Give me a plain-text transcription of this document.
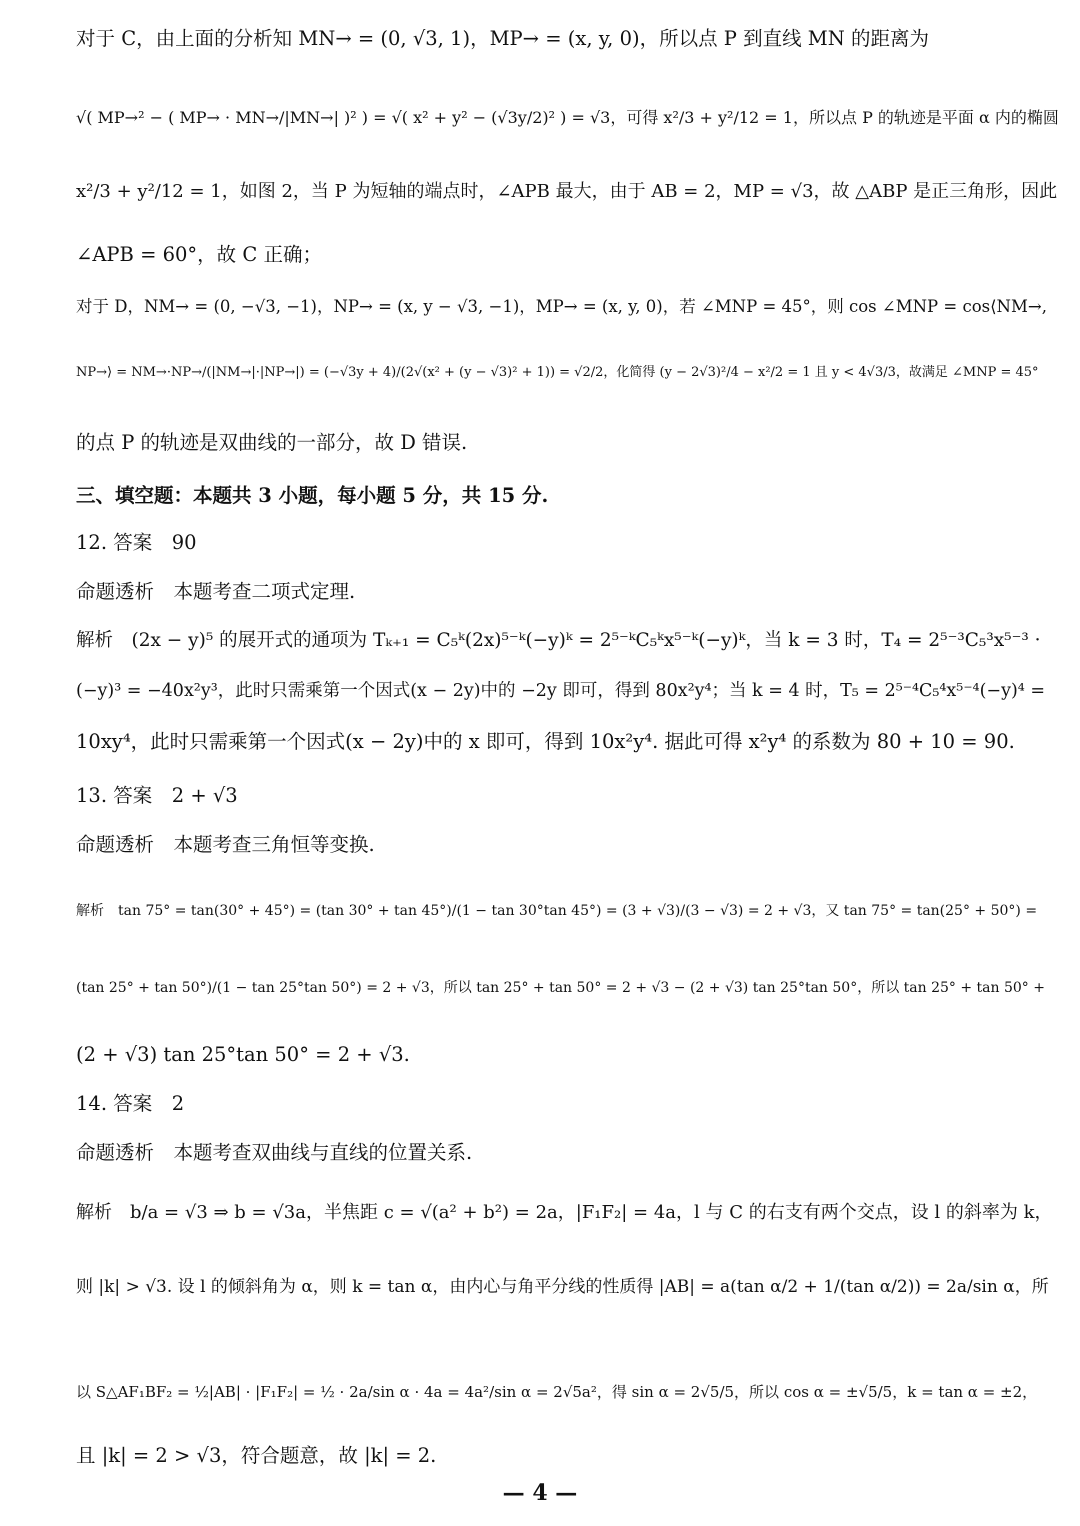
对于 C，由上面的分析知 MN→ = (0, √3, 1)，MP→ = (x, y, 0)，所以点 P 到直线 MN 的距离为
√( MP→² − ( MP→ · MN→/|MN→| )² ) = √( x² + y² − (√3y/2)² ) = √3，可得 x²/3 + y²/12 = 1，所以点 P 的轨迹是平面 α 内的椭圆
x²/3 + y²/12 = 1，如图 2，当 P 为短轴的端点时，∠APB 最大，由于 AB = 2，MP = √3，故 △ABP 是正三角形，因此
∠APB = 60°，故 C 正确；
对于 D，NM→ = (0, −√3, −1)，NP→ = (x, y − √3, −1)，MP→ = (x, y, 0)，若 ∠MNP = 45°，则 cos ∠MNP = cos⟨NM→,
NP→⟩ = NM→·NP→/(|NM→|·|NP→|) = (−√3y + 4)/(2√(x² + (y − √3)² + 1)) = √2/2，化简得 (y − 2√3)²/4 − x²/2 = 1 且 y < 4√3/3，故满足 ∠MNP = 45°
的点 P 的轨迹是双曲线的一部分，故 D 错误.
三、填空题：本题共 3 小题，每小题 5 分，共 15 分.
12. 答案　90
命题透析　本题考查二项式定理.
解析　(2x − y)⁵ 的展开式的通项为 Tₖ₊₁ = C₅ᵏ(2x)⁵⁻ᵏ(−y)ᵏ = 2⁵⁻ᵏC₅ᵏx⁵⁻ᵏ(−y)ᵏ，当 k = 3 时，T₄ = 2⁵⁻³C₅³x⁵⁻³ ·
(−y)³ = −40x²y³，此时只需乘第一个因式(x − 2y)中的 −2y 即可，得到 80x²y⁴；当 k = 4 时，T₅ = 2⁵⁻⁴C₅⁴x⁵⁻⁴(−y)⁴ =
10xy⁴，此时只需乘第一个因式(x − 2y)中的 x 即可，得到 10x²y⁴. 据此可得 x²y⁴ 的系数为 80 + 10 = 90.
13. 答案　2 + √3
命题透析　本题考查三角恒等变换.
解析　tan 75° = tan(30° + 45°) = (tan 30° + tan 45°)/(1 − tan 30°tan 45°) = (3 + √3)/(3 − √3) = 2 + √3，又 tan 75° = tan(25° + 50°) =
(tan 25° + tan 50°)/(1 − tan 25°tan 50°) = 2 + √3，所以 tan 25° + tan 50° = 2 + √3 − (2 + √3) tan 25°tan 50°，所以 tan 25° + tan 50° +
(2 + √3) tan 25°tan 50° = 2 + √3.
14. 答案　2
命题透析　本题考查双曲线与直线的位置关系.
解析　b/a = √3 ⇒ b = √3a，半焦距 c = √(a² + b²) = 2a，|F₁F₂| = 4a，l 与 C 的右支有两个交点，设 l 的斜率为 k，
则 |k| > √3. 设 l 的倾斜角为 α，则 k = tan α，由内心与角平分线的性质得 |AB| = a(tan α/2 + 1/(tan α/2)) = 2a/sin α，所
以 S△AF₁BF₂ = ½|AB| · |F₁F₂| = ½ · 2a/sin α · 4a = 4a²/sin α = 2√5a²，得 sin α = 2√5/5，所以 cos α = ±√5/5，k = tan α = ±2，
且 |k| = 2 > √3，符合题意，故 |k| = 2.
— 4 —
